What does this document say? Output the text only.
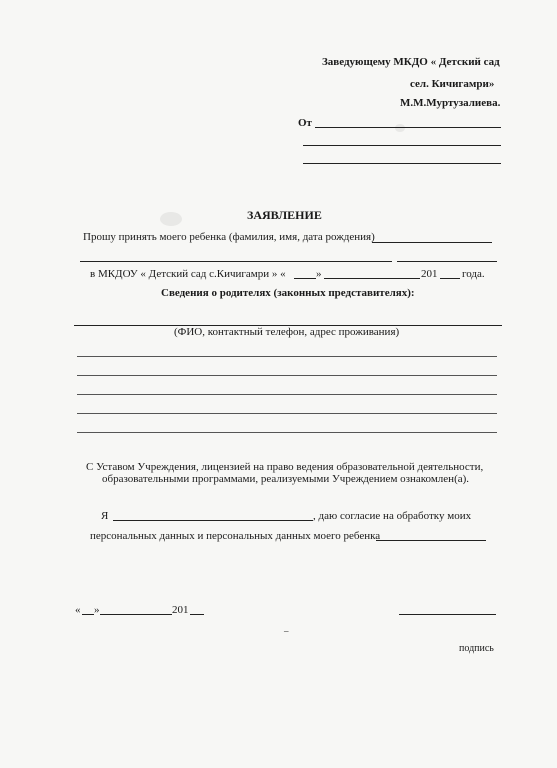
Заведующему МКДО « Детский сад
сел. Кичигамри»
М.М.Муртузалиева.
От
ЗАЯВЛЕНИЕ
Прошу принять моего ребенка (фамилия, имя, дата рождения)
в МКДОУ « Детский сад с.Кичигамри » «	»	201 года.
Сведения о родителях (законных представителях):
(ФИО, контактный телефон, адрес проживания)
С Уставом Учреждения, лицензией на право ведения образовательной деятельности,
образовательными программами, реализуемыми Учреждением ознакомлен(а).
Я	, даю согласие на обработку моих
персональных данных и персональных данных моего ребенка
« »	201
–
подпись
